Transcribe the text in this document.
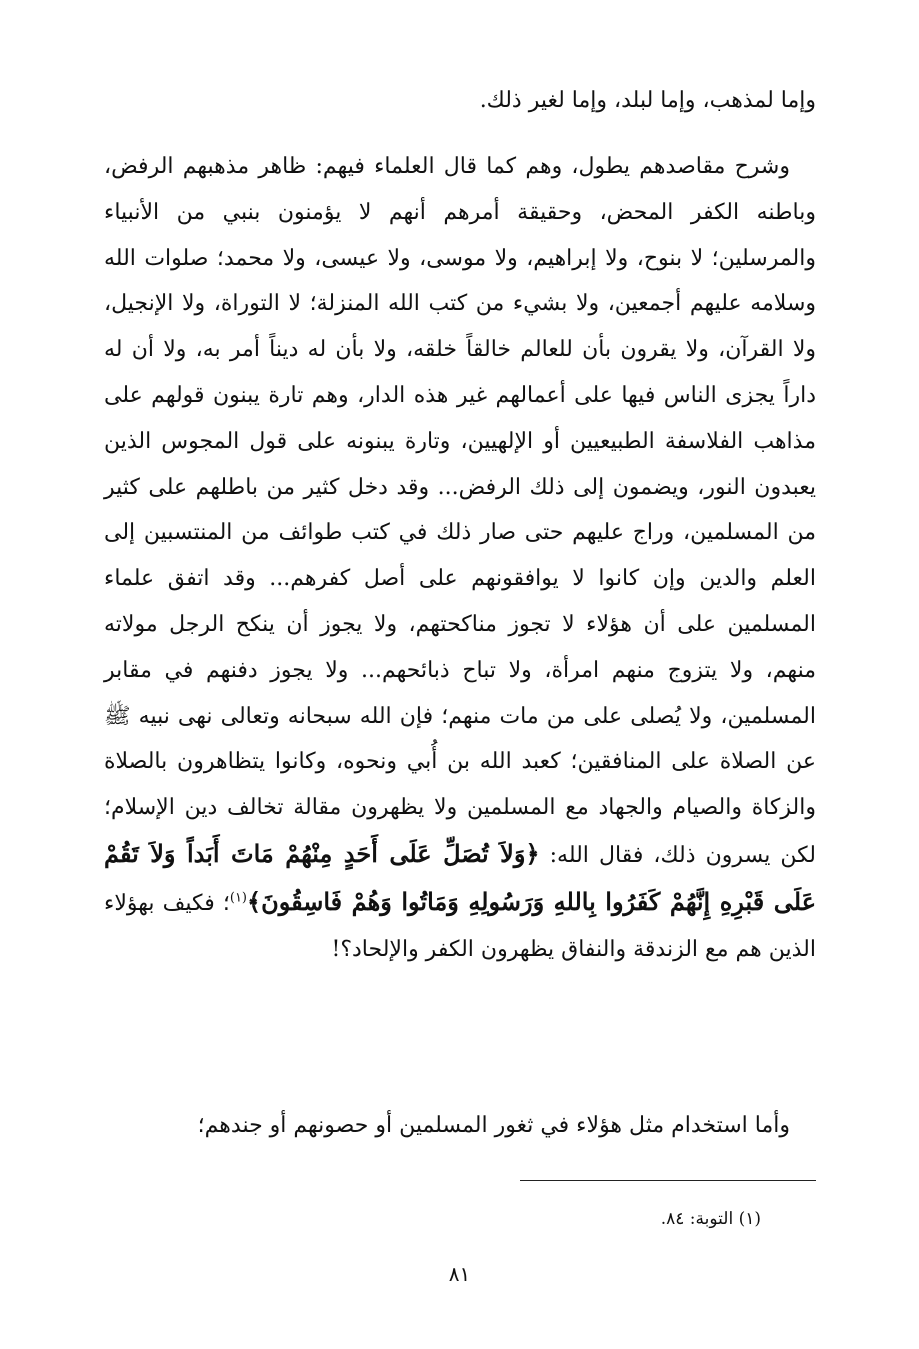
وإما لمذهب، وإما لبلد، وإما لغير ذلك.

وشرح مقاصدهم يطول، وهم كما قال العلماء فيهم: ظاهر مذهبهم الرفض، وباطنه الكفر المحض، وحقيقة أمرهم أنهم لا يؤمنون بنبي من الأنبياء والمرسلين؛ لا بنوح، ولا إبراهيم، ولا موسى، ولا عيسى، ولا محمد؛ صلوات الله وسلامه عليهم أجمعين، ولا بشيء من كتب الله المنزلة؛ لا التوراة، ولا الإنجيل، ولا القرآن، ولا يقرون بأن للعالم خالقاً خلقه، ولا بأن له ديناً أمر به، ولا أن له داراً يجزى الناس فيها على أعمالهم غير هذه الدار، وهم تارة يبنون قولهم على مذاهب الفلاسفة الطبيعيين أو الإلهيين، وتارة يبنونه على قول المجوس الذين يعبدون النور، ويضمون إلى ذلك الرفض... وقد دخل كثير من باطلهم على كثير من المسلمين، وراج عليهم حتى صار ذلك في كتب طوائف من المنتسبين إلى العلم والدين وإن كانوا لا يوافقونهم على أصل كفرهم... وقد اتفق علماء المسلمين على أن هؤلاء لا تجوز مناكحتهم، ولا يجوز أن ينكح الرجل مولاته منهم، ولا يتزوج منهم امرأة، ولا تباح ذبائحهم... ولا يجوز دفنهم في مقابر المسلمين، ولا يُصلى على من مات منهم؛ فإن الله سبحانه وتعالى نهى نبيه ﷺ عن الصلاة على المنافقين؛ كعبد الله بن أُبي ونحوه، وكانوا يتظاهرون بالصلاة والزكاة والصيام والجهاد مع المسلمين ولا يظهرون مقالة تخالف دين الإسلام؛ لكن يسرون ذلك، فقال الله: ﴿وَلاَ تُصَلِّ عَلَى أَحَدٍ مِنْهُمْ مَاتَ أَبَداً وَلاَ تَقُمْ عَلَى قَبْرِهِ إِنَّهُمْ كَفَرُوا بِاللهِ وَرَسُولِهِ وَمَاتُوا وَهُمْ فَاسِقُونَ﴾$^{(١)}$؛ فكيف بهؤلاء الذين هم مع الزندقة والنفاق يظهرون الكفر والإلحاد؟!

وأما استخدام مثل هؤلاء في ثغور المسلمين أو حصونهم أو جندهم؛

(١) التوبة: ٨٤.
٨١
